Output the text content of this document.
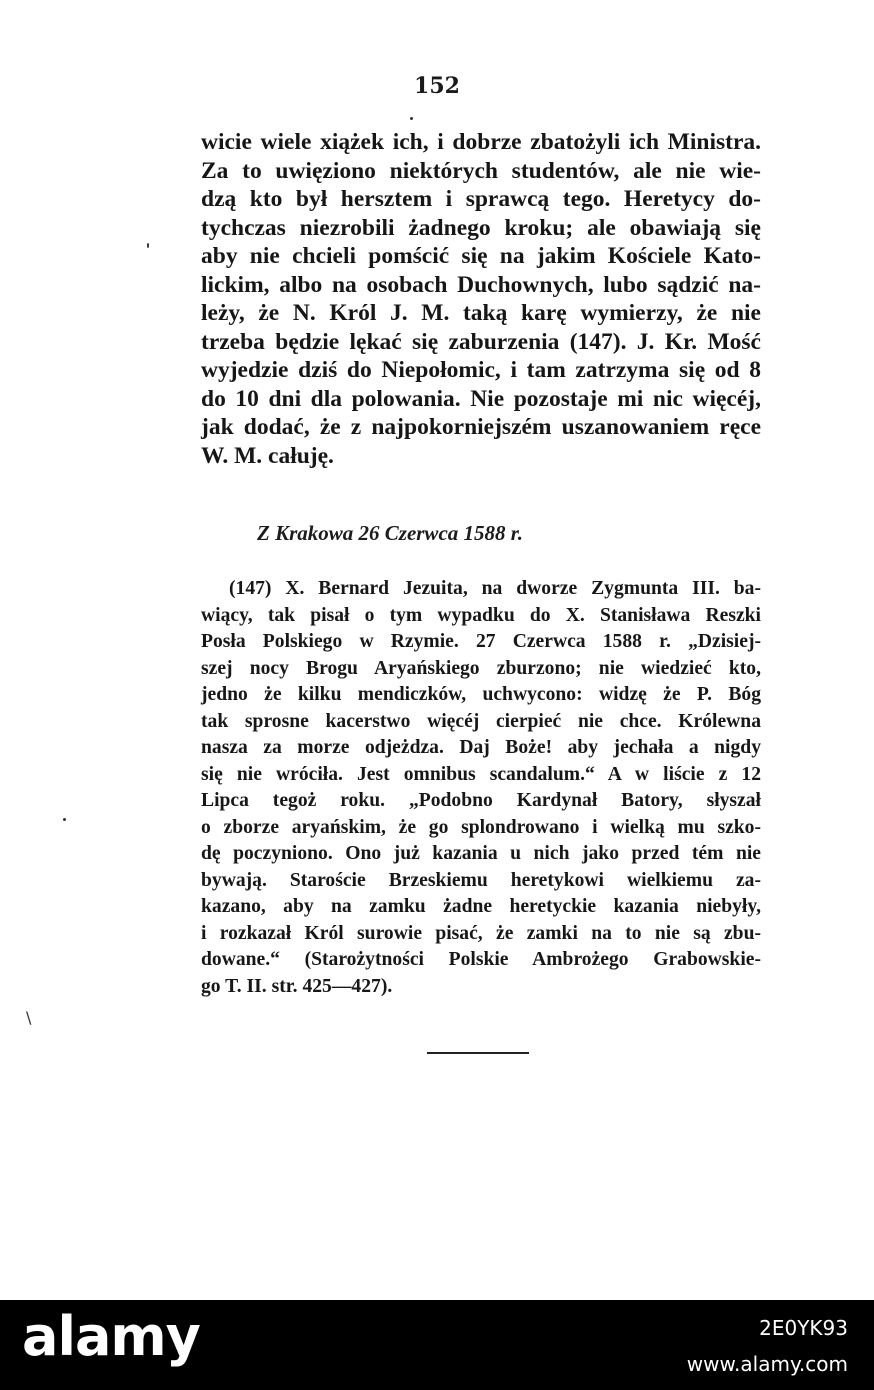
152
wicie wiele xiążek ich, i dobrze zbatożyli ich Ministra.
Za to uwięziono niektórych studentów, ale nie wie-
dzą kto był hersztem i sprawcą tego. Heretycy do-
tychczas niezrobili żadnego kroku; ale obawiają się
aby nie chcieli pomścić się na jakim Kościele Kato-
lickim, albo na osobach Duchownych, lubo sądzić na-
leży, że N. Król J. M. taką karę wymierzy, że nie
trzeba będzie lękać się zaburzenia (147). J. Kr. Mość
wyjedzie dziś do Niepołomic, i tam zatrzyma się od 8
do 10 dni dla polowania. Nie pozostaje mi nic więcéj,
jak dodać, że z najpokorniejszém uszanowaniem ręce
W. M. całuję.
Z Krakowa 26 Czerwca 1588 r.
(147) X. Bernard Jezuita, na dworze Zygmunta III. ba-
wiący, tak pisał o tym wypadku do X. Stanisława Reszki
Posła Polskiego w Rzymie. 27 Czerwca 1588 r. „Dzisiej-
szej nocy Brogu Aryańskiego zburzono; nie wiedzieć kto,
jedno że kilku mendiczków, uchwycono: widzę że P. Bóg
tak sprosne kacerstwo więcéj cierpieć nie chce. Królewna
nasza za morze odjeżdza. Daj Boże! aby jechała a nigdy
się nie wróciła. Jest omnibus scandalum.“ A w liście z 12
Lipca tegoż roku. „Podobno Kardynał Batory, słyszał
o zborze aryańskim, że go splondrowano i wielką mu szko-
dę poczyniono. Ono już kazania u nich jako przed tém nie
bywają. Staroście Brzeskiemu heretykowi wielkiemu za-
kazano, aby na zamku żadne heretyckie kazania niebyły,
i rozkazał Król surowie pisać, że zamki na to nie są zbu-
dowane.“ (Starożytności Polskie Ambrożego Grabowskie-
go T. II. str. 425—427).
\
alamy	2E0YK93
www.alamy.com
